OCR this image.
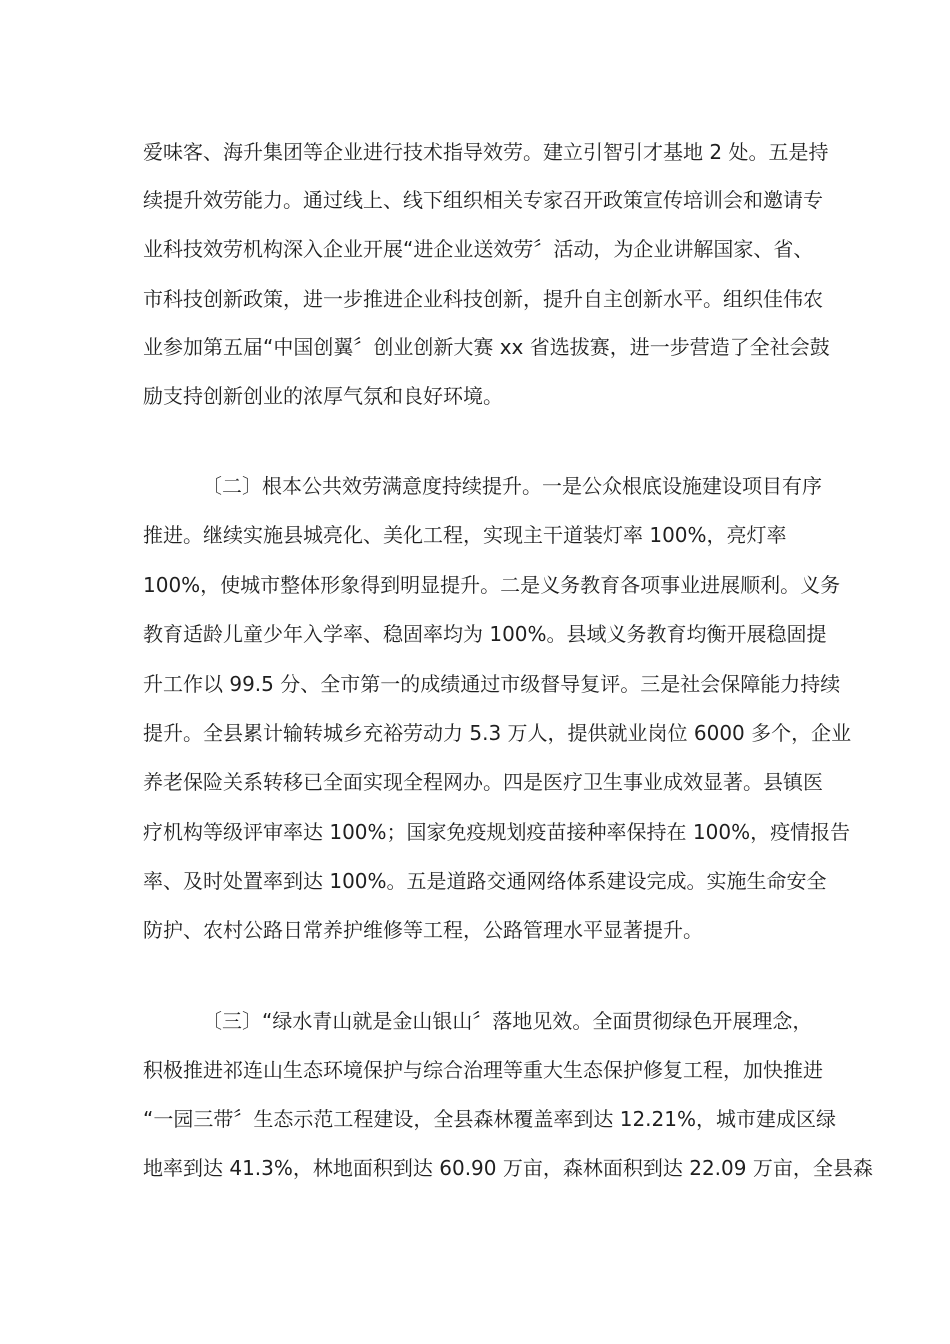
爱味客、海升集团等企业进行技术指导效劳。建立引智引才基地 2 处。五是持
续提升效劳能力。通过线上、线下组织相关专家召开政策宣传培训会和邀请专
业科技效劳机构深入企业开展“进企业送效劳〞活动，为企业讲解国家、省、
市科技创新政策，进一步推进企业科技创新，提升自主创新水平。组织佳伟农
业参加第五届“中国创翼〞创业创新大赛 xx 省选拔赛，进一步营造了全社会鼓
励支持创新创业的浓厚气氛和良好环境。
〔二〕根本公共效劳满意度持续提升。一是公众根底设施建设项目有序
推进。继续实施县城亮化、美化工程，实现主干道装灯率 100%，亮灯率
100%，使城市整体形象得到明显提升。二是义务教育各项事业进展顺利。义务
教育适龄儿童少年入学率、稳固率均为 100%。县域义务教育均衡开展稳固提
升工作以 99.5 分、全市第一的成绩通过市级督导复评。三是社会保障能力持续
提升。全县累计输转城乡充裕劳动力 5.3 万人，提供就业岗位 6000 多个，企业
养老保险关系转移已全面实现全程网办。四是医疗卫生事业成效显著。县镇医
疗机构等级评审率达 100%；国家免疫规划疫苗接种率保持在 100%，疫情报告
率、及时处置率到达 100%。五是道路交通网络体系建设完成。实施生命安全
防护、农村公路日常养护维修等工程，公路管理水平显著提升。
〔三〕“绿水青山就是金山银山〞落地见效。全面贯彻绿色开展理念，
积极推进祁连山生态环境保护与综合治理等重大生态保护修复工程，加快推进
“一园三带〞生态示范工程建设，全县森林覆盖率到达 12.21%，城市建成区绿
地率到达 41.3%，林地面积到达 60.90 万亩，森林面积到达 22.09 万亩，全县森
